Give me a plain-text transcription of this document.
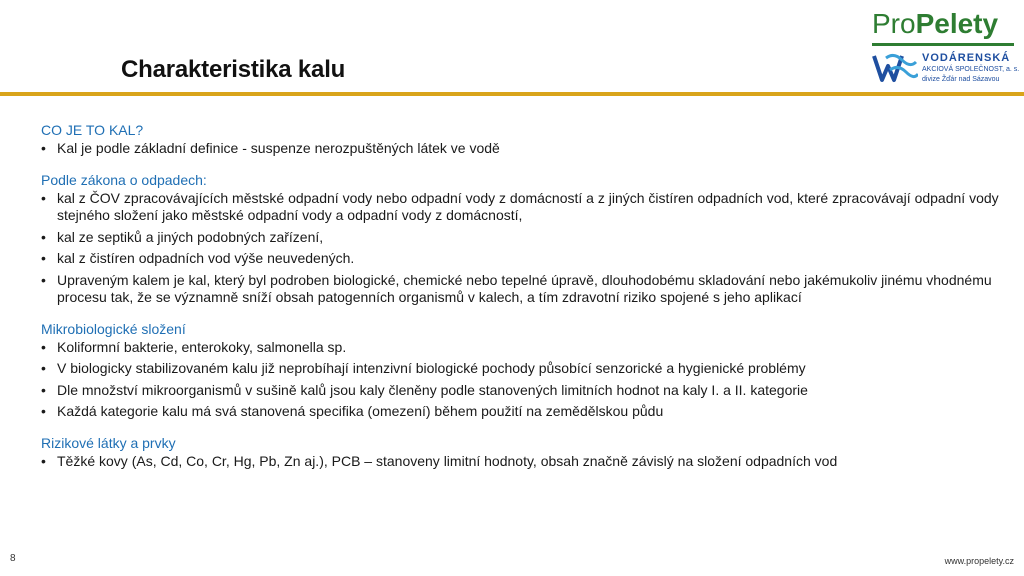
Charakteristika kalu
ProPelety
VODÁRENSKÁ
AKCIOVÁ SPOLEČNOST, a. s.
divize Žďár nad Sázavou
CO JE TO KAL?
• Kal je podle základní definice - suspenze nerozpuštěných látek ve vodě
Podle zákona o odpadech:
• kal z ČOV zpracovávajících městské odpadní vody nebo odpadní vody z domácností a z jiných čistíren odpadních vod, které zpracovávají odpadní vody stejného složení jako městské odpadní vody a odpadní vody z domácností,
• kal ze septiků a jiných podobných zařízení,
• kal z čistíren odpadních vod výše neuvedených.
• Upraveným kalem je kal, který byl podroben biologické, chemické nebo tepelné úpravě, dlouhodobému skladování nebo jakémukoliv jinému vhodnému procesu tak, že se významně sníží obsah patogenních organismů v kalech, a tím zdravotní riziko spojené s jeho aplikací
Mikrobiologické složení
• Koliformní bakterie, enterokoky, salmonella sp.
• V biologicky stabilizovaném kalu již neprobíhají intenzivní biologické pochody působící senzorické a hygienické problémy
• Dle množství mikroorganismů v sušině kalů jsou kaly členěny podle stanovených limitních hodnot na kaly I. a II. kategorie
• Každá kategorie kalu má svá stanovená specifika (omezení) během použití na zemědělskou půdu
Rizikové látky a prvky
• Těžké kovy (As, Cd, Co, Cr, Hg, Pb, Zn aj.), PCB – stanoveny limitní hodnoty, obsah značně závislý na složení odpadních vod
8	www.propelety.cz
